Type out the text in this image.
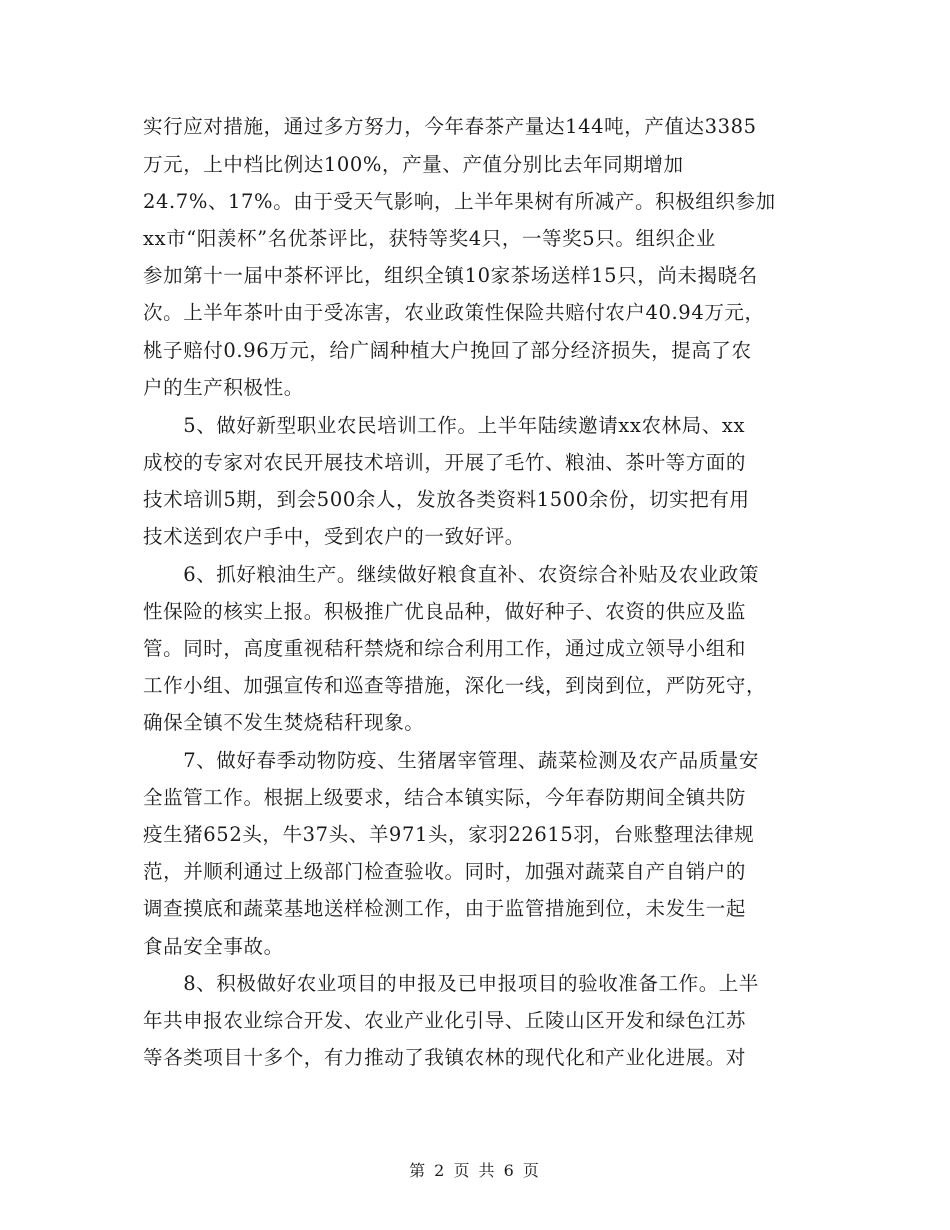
实行应对措施，通过多方努力，今年春茶产量达144吨，产值达3385
万元，上中档比例达100%，产量、产值分别比去年同期增加
24.7%、17%。由于受天气影响，上半年果树有所减产。积极组织参加
xx市“阳羡杯”名优茶评比，获特等奖4只，一等奖5只。组织企业
参加第十一届中茶杯评比，组织全镇10家茶场送样15只，尚未揭晓名
次。上半年茶叶由于受冻害，农业政策性保险共赔付农户40.94万元，
桃子赔付0.96万元，给广阔种植大户挽回了部分经济损失，提高了农
户的生产积极性。
　　5、做好新型职业农民培训工作。上半年陆续邀请xx农林局、xx
成校的专家对农民开展技术培训，开展了毛竹、粮油、茶叶等方面的
技术培训5期，到会500余人，发放各类资料1500余份，切实把有用
技术送到农户手中，受到农户的一致好评。
　　6、抓好粮油生产。继续做好粮食直补、农资综合补贴及农业政策
性保险的核实上报。积极推广优良品种，做好种子、农资的供应及监
管。同时，高度重视秸秆禁烧和综合利用工作，通过成立领导小组和
工作小组、加强宣传和巡查等措施，深化一线，到岗到位，严防死守，
确保全镇不发生焚烧秸秆现象。
　　7、做好春季动物防疫、生猪屠宰管理、蔬菜检测及农产品质量安
全监管工作。根据上级要求，结合本镇实际，今年春防期间全镇共防
疫生猪652头，牛37头、羊971头，家羽22615羽，台账整理法律规
范，并顺利通过上级部门检查验收。同时，加强对蔬菜自产自销户的
调查摸底和蔬菜基地送样检测工作，由于监管措施到位，未发生一起
食品安全事故。
　　8、积极做好农业项目的申报及已申报项目的验收准备工作。上半
年共申报农业综合开发、农业产业化引导、丘陵山区开发和绿色江苏
等各类项目十多个，有力推动了我镇农林的现代化和产业化进展。对
第 2 页 共 6 页
